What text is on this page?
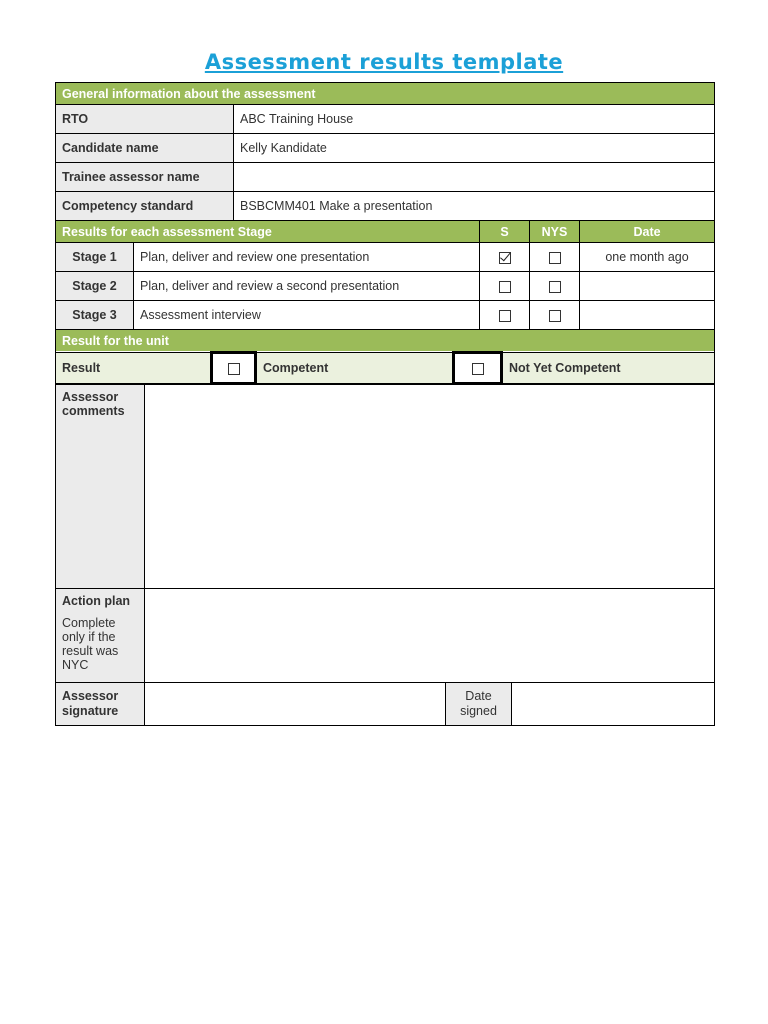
Assessment results template
General information about the assessment	
RTO	ABC Training House
Candidate name	Kelly Kandidate
Trainee assessor name	
Competency standard	BSBCMM401 Make a presentation
Results for each assessment Stage		S	NYS	Date
Stage 1	Plan, deliver and review one presentation			one month ago
Stage 2	Plan, deliver and review a second presentation			
Stage 3	Assessment interview			
Result for the unit
Result		Competent		Not Yet Competent
Assessor comments			

Action plan
Complete only if the result was NYC			

Assessor signature		Date signed	
